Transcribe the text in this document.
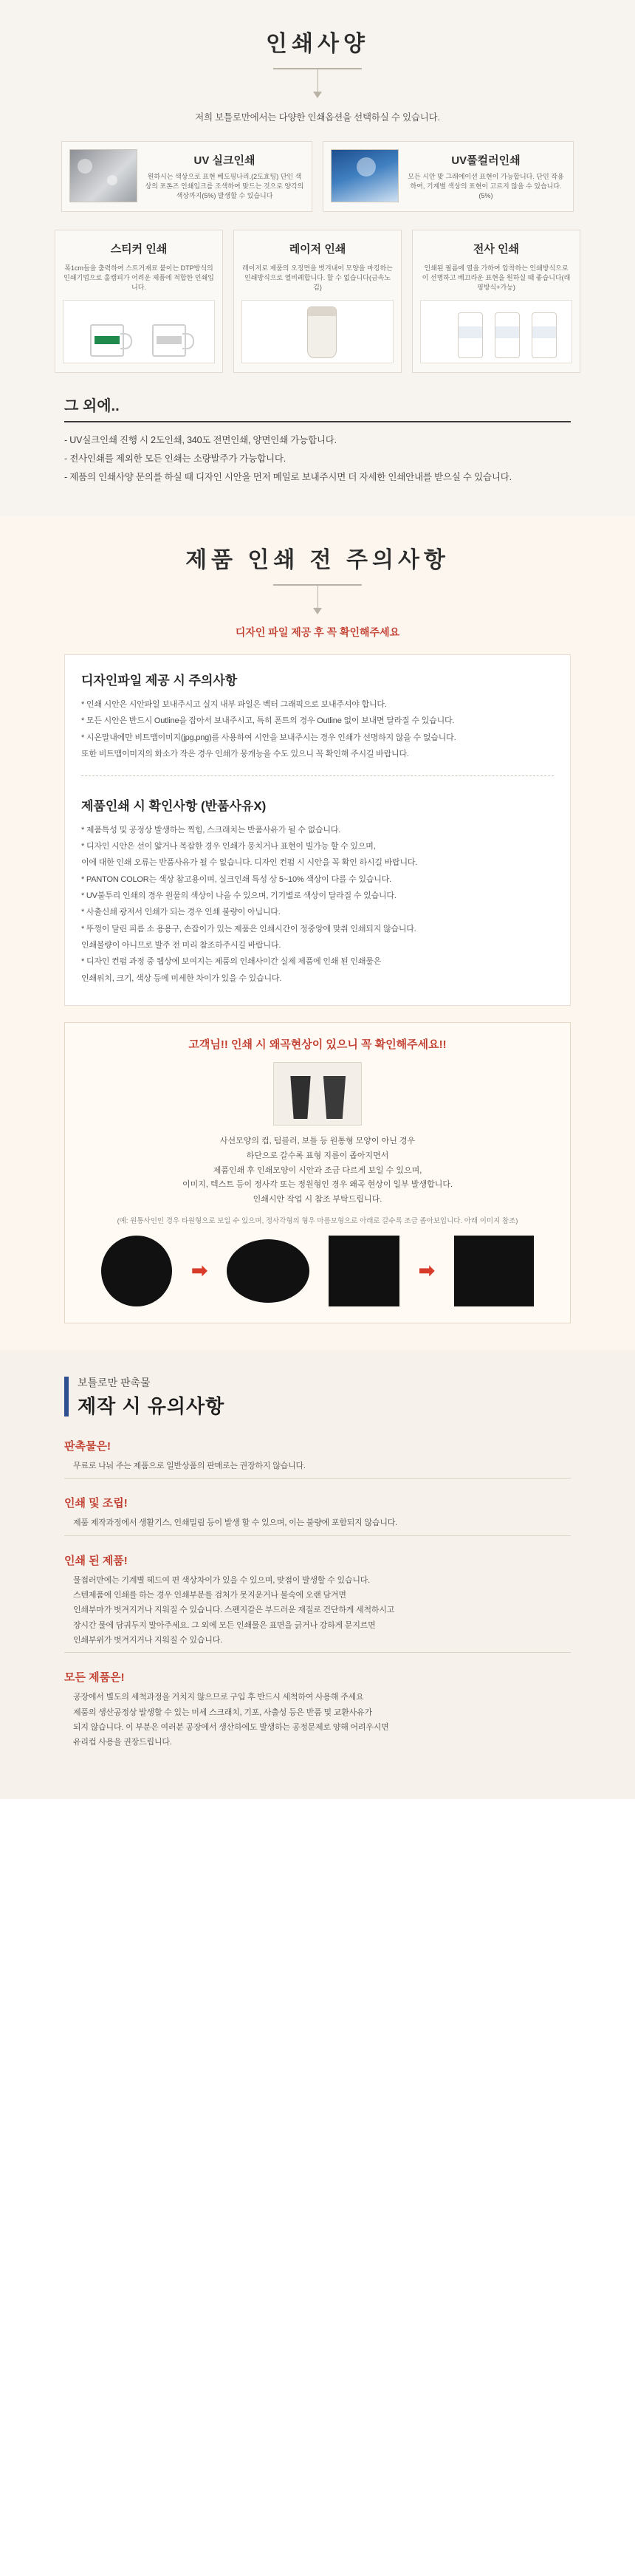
인쇄사양

저희 보틀로만에서는 다양한 인쇄옵션을 선택하실 수 있습니다.

UV 실크인쇄
원하시는 색상으로 표현 베도핑나리.(2도효팅) 단인 색상의 포톤즈 인쇄입크를 조색하여 맞드는 것으로 양각의 색상까지(5%) 발생할 수 있습니다
UV풀컬러인쇄
모든 시안 맞 그래에이션 표현이 가능합니다. 단인 작용하여, 기계별 색상의 표현이 고르지 않을 수 있습니다.(5%)
스티커 인쇄
폭1cm들을 출력하여 스트거재료 붙이는 DTP방식의 인쇄기법으로 홀캠피가 어려운 제품에 적합한 인쇄입니다.
레이저 인쇄
레이저로 제품의 오징면을 벗겨내어 모양을 마킹하는 인쇄방식으로 열비례합니다. 할 수 없습니다(금속노김)
전사 인쇄
인쇄된 필름에 열을 가하여 압착하는 인쇄방식으로 이 선명하고 베끄라운 표현을 원하실 때 좋습니다(래핑방식+가능)
그 외에..
- UV실크인쇄 진행 시 2도인쇄, 340도 전면인쇄, 양면인쇄 가능합니다.
- 전사인쇄를 제외한 모든 인쇄는 소량발주가 가능합니다.
- 제품의 인쇄사양 문의를 하실 때 디자인 시안을 먼저 메일로 보내주시면 더 자세한 인쇄안내를 받으실 수 있습니다.
제품 인쇄 전 주의사항

디자인 파일 제공 후 꼭 확인해주세요

디자인파일 제공 시 주의사항

* 인쇄 시안은 시안파일 보내주시고 실지 내부 파일은 벡터 그래픽으로 보내주셔야 합니다.

* 모든 시안은 반드시 Outline을 잡아서 보내주시고, 특히 폰트의 경우 Outline 없이 보내면 달라질 수 있습니다.

* 시온말내에만 비트맵이미지(jpg,png)를 사용하여 시안을 보내주시는 경우 인쇄가 선명하지 않을 수 없습니다.

또한 비트맵이미지의 화소가 작은 경우 인쇄가 뭉개능을 수도 있으니 꼭 확인해 주시길 바랍니다.

제품인쇄 시 확인사항 (반품사유X)

* 제품특성 및 공정상 발생하는 찍힘, 스크래치는 반품사유가 될 수 없습니다.

* 디자인 시안은 선이 얇거나 복잡한 경우 인쇄가 뭉치거나 표현이 빌가능 할 수 있으며,

이에 대한 인쇄 오류는 반품사유가 될 수 없습니다. 디자인 컨펌 시 시안을 꼭 확인 하시길 바랍니다.

* PANTON COLOR는 색상 참고용이며, 실크인쇄 특성 상 5~10% 색상이 다를 수 있습니다.

* UV불투리 인쇄의 경우 원물의 색상이 나올 수 있으며, 기기별로 색상이 달라질 수 있습니다.

* 사출신쇄 광저서 인쇄가 되는 경우 인쇄 불량이 아닙니다.

* 뚜껑이 달린 피름 소 용용구, 손잡이가 있는 제품은 인쇄시간이 정중앙에 맞취 인쇄되지 않습니다.

인쇄불량이 아니므로 발주 전 미리 참조하주시길 바랍니다.

* 디자인 컨펌 과정 중 웹상에 보여지는 제품의 인쇄사이간 실제 제품에 인쇄 된 인쇄물은

인쇄위치, 크기, 색상 등에 미세한 차이가 있을 수 있습니다.

고객님!! 인쇄 시 왜곡현상이 있으니 꼭 확인해주세요!!

사선모양의 컵, 텀블러, 보틀 등 원통형 모양이 아닌 경우

하단으로 갈수록 표형 지름이 좁아지면서

제품인쇄 후 인쇄모양이 시안과 조금 다르게 보일 수 있으며,

이미지, 텍스트 등이 정사각 또는 정원형인 경우 왜곡 현상이 일부 발생합니다.

인쇄시안 작업 시 참조 부탁드립니다.

(예: 원통사인인 경우 타원형으로 보일 수 있으며, 정사각형의 형우 마름모형으로 아래로 갈수록 조금 좁아보입니다. 아래 이미지 참조)

➡	➡
보틀로만 판촉물
제작 시 유의사항
판촉물은!

무료로 나눠 주는 제품으로 일반상품의 판매로는 권장하지 않습니다.

인쇄 및 조립!

제품 제작과정에서 생활기스, 인쇄밀림 등이 발생 할 수 있으며, 이는 불량에 포함되지 않습니다.

인쇄 된 제품!

물접러만에는 기계별 헤드여 편 색상차이가 있을 수 있으며, 맞점이 발생할 수 있습니다.

스텐제품에 인쇄를 하는 경우 인쇄부분를 검처가 못지운거나 불숙에 오랜 담겨면

인쇄부마가 벗겨지거나 지워질 수 있습니다. 스펜지같은 부드러운 재질로 건단하게 세척하시고

장시간 물에 담궈두지 말아주세요. 그 외에 모든 인쇄물은 표면을 긁거나 강하게 문지르면

인쇄부위가 벗겨지거나 지워질 수 있습니다.

모든 제품은!

공장에서 별도의 세척과정을 거치지 않으므로 구입 후 반드시 세척하여 사용해 주세요

제품의 생산공정상 발생할 수 있는 미세 스크래치, 기포, 사출성 등은 반품 및 교환사유가

되지 않습니다. 이 부분은 여러분 공장에서 생산하에도 발생하는 공정문제로 양해 어려우시면

유리컵 사용을 권장드립니다.
